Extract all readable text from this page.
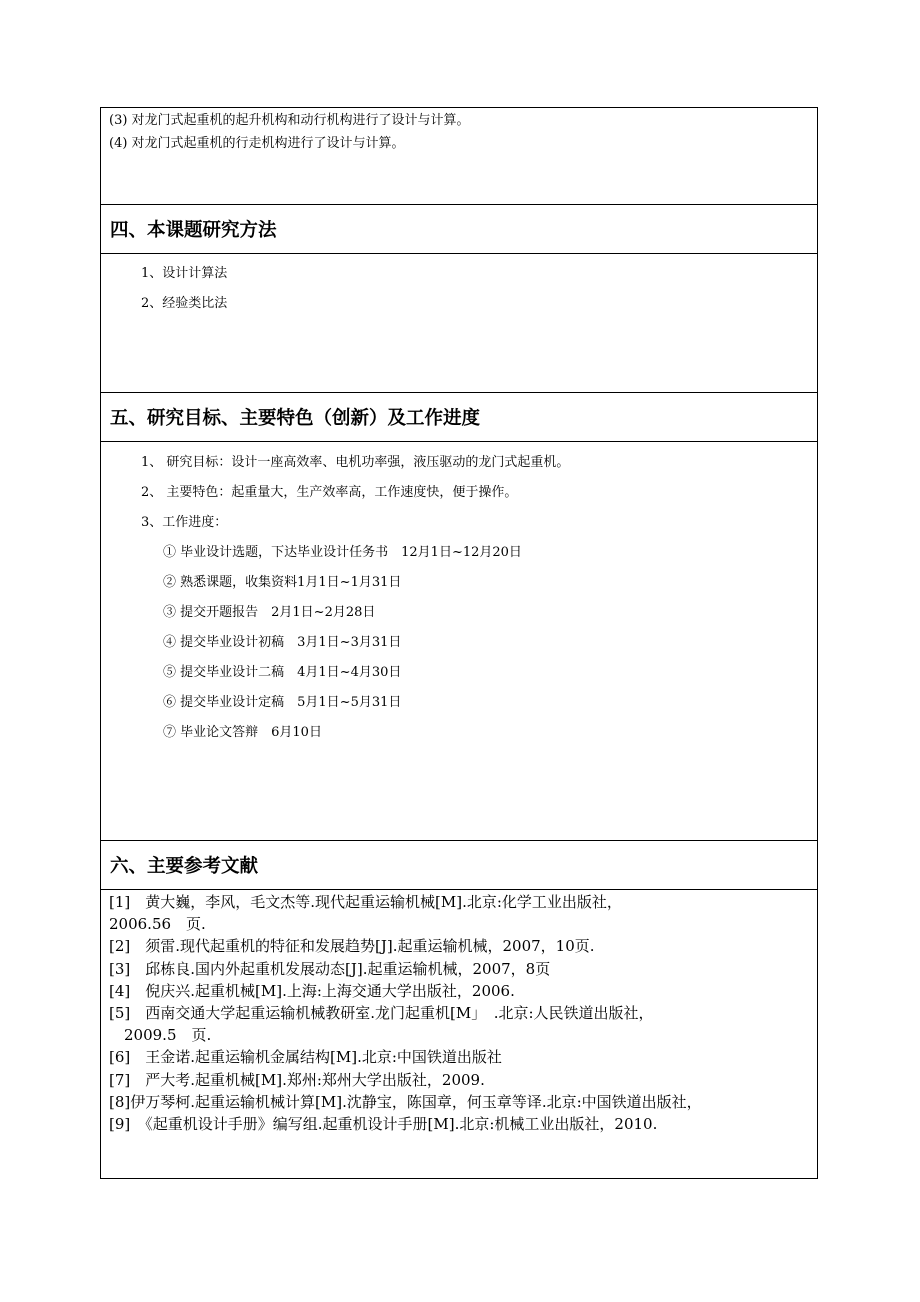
(3) 对龙门式起重机的起升机构和动行机构进行了设计与计算。
(4) 对龙门式起重机的行走机构进行了设计与计算。
四、本课题研究方法
1、设计计算法
2、经验类比法
五、研究目标、主要特色（创新）及工作进度
1、 研究目标：设计一座高效率、电机功率强，液压驱动的龙门式起重机。
2、 主要特色：起重量大，生产效率高，工作速度快，便于操作。
3、工作进度：
① 毕业设计选题，下达毕业设计任务书　12月1日~12月20日
② 熟悉课题，收集资料1月1日~1月31日
③ 提交开题报告　2月1日~2月28日
④ 提交毕业设计初稿　3月1日~3月31日
⑤ 提交毕业设计二稿　4月1日~4月30日
⑥ 提交毕业设计定稿　5月1日~5月31日
⑦ 毕业论文答辩　6月10日
六、主要参考文献
[1]　黄大巍，李风，毛文杰等.现代起重运输机械[M].北京:化学工业出版社，
2006.56　页.
[2]　须雷.现代起重机的特征和发展趋势[J].起重运输机械，2007，10页.
[3]　邱栋良.国内外起重机发展动态[J].起重运输机械，2007，8页
[4]　倪庆兴.起重机械[M].上海:上海交通大学出版社，2006.
[5]　西南交通大学起重运输机械教研室.龙门起重机[M」　.北京:人民铁道出版社，
　2009.5　页.
[6]　王金诺.起重运输机金属结构[M].北京:中国铁道出版社
[7]　严大考.起重机械[M].郑州:郑州大学出版社，2009.
[8]伊万琴柯.起重运输机械计算[M].沈静宝，陈国章，何玉章等译.北京:中国铁道出版社，
[9]　《起重机设计手册》编写组.起重机设计手册[M].北京:机械工业出版社，2010.
